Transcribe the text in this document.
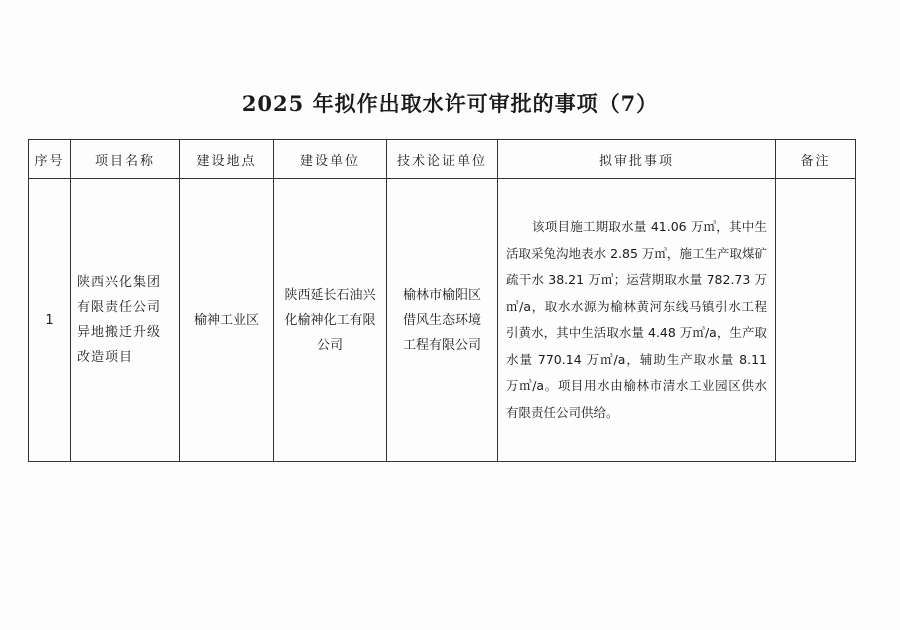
2025 年拟作出取水许可审批的事项（7）
序号	项目名称	建设地点	建设单位	技术论证单位	拟审批事项	备注

1	陕西兴化集团有限责任公司异地搬迁升级改造项目	榆神工业区	陕西延长石油兴化榆神化工有限公司	榆林市榆阳区借风生态环境工程有限公司	该项目施工期取水量 41.06 万㎥，其中生活取采兔沟地表水 2.85 万㎥，施工生产取煤矿疏干水 38.21 万㎥；运营期取水量 782.73 万㎥/a，取水水源为榆林黄河东线马镇引水工程引黄水，其中生活取水量 4.48 万㎥/a，生产取水量 770.14 万㎥/a，辅助生产取水量 8.11 万㎥/a。项目用水由榆林市清水工业园区供水有限责任公司供给。	
